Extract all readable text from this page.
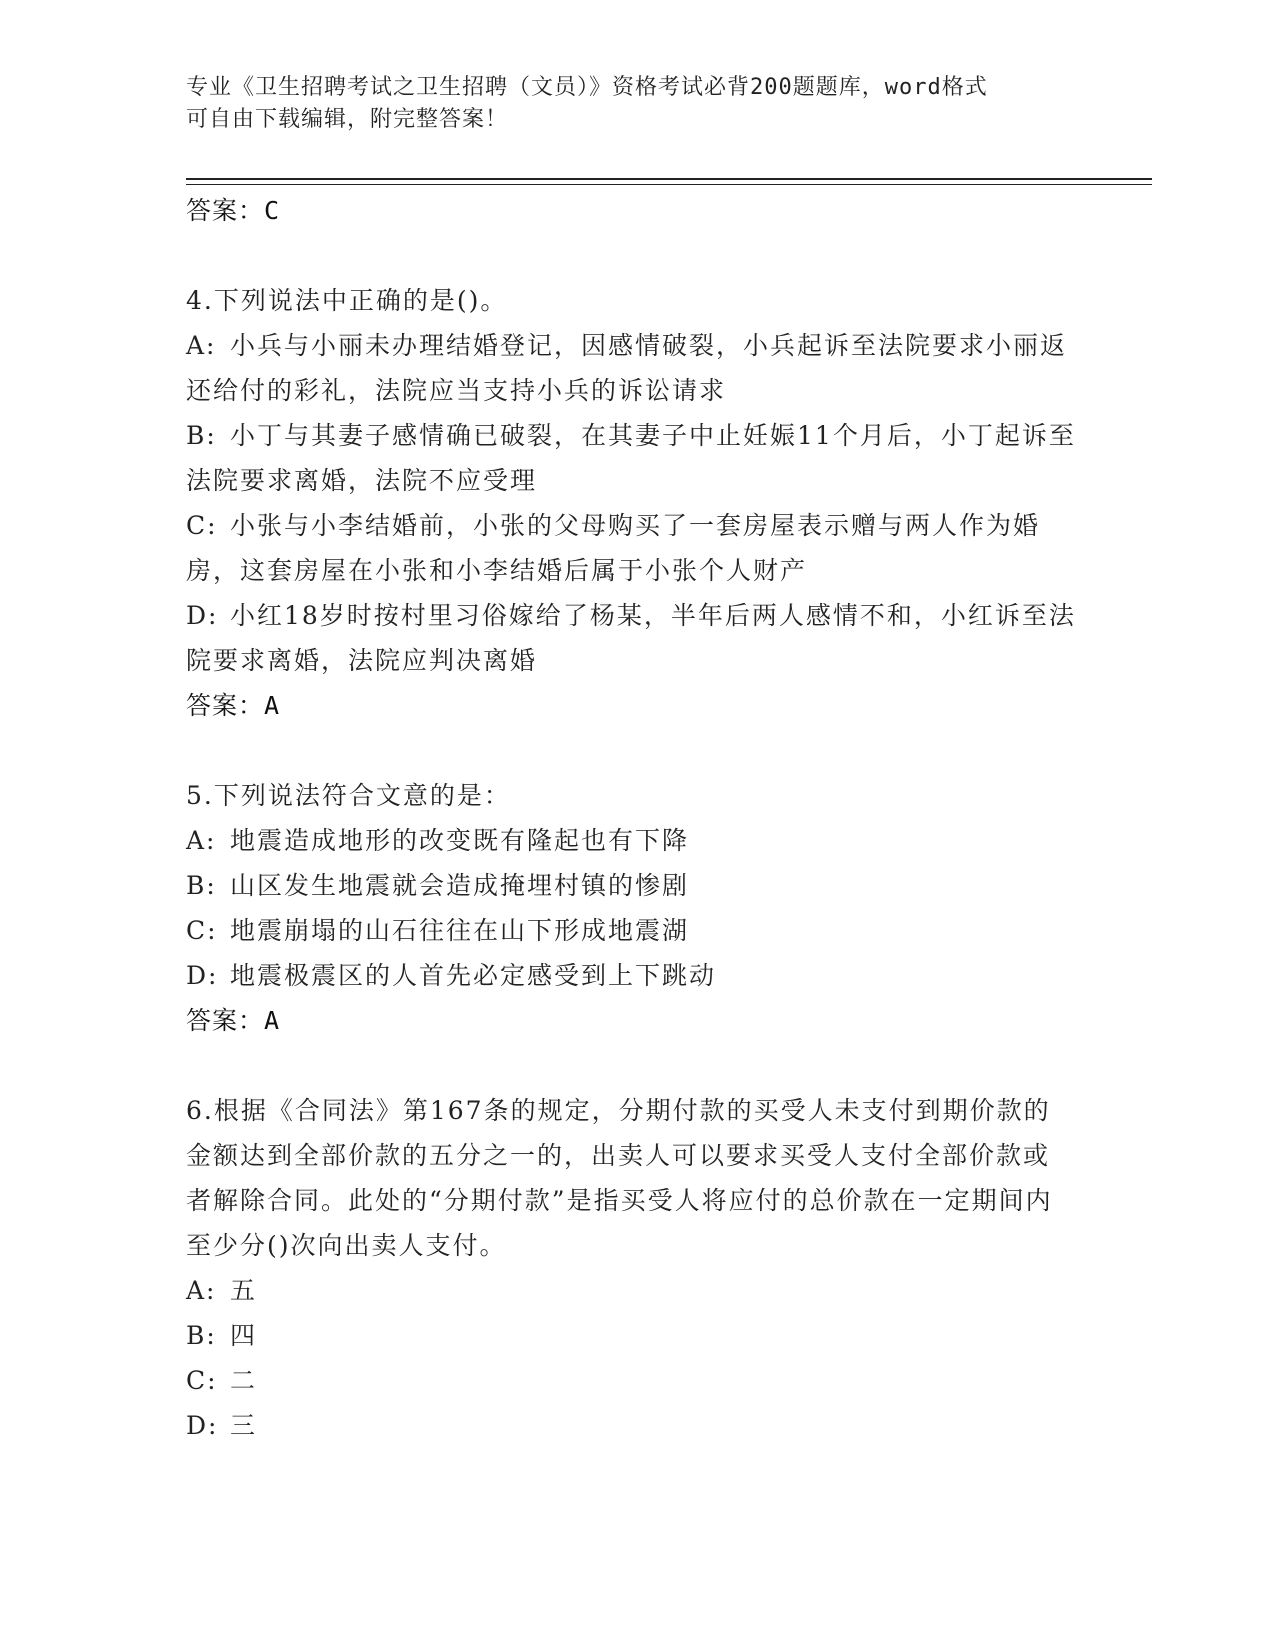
专业《卫生招聘考试之卫生招聘（文员）》资格考试必背200题题库，word格式
可自由下载编辑，附完整答案！
答案：C
4.下列说法中正确的是()。
A: 小兵与小丽未办理结婚登记，因感情破裂，小兵起诉至法院要求小丽返还给付的彩礼，法院应当支持小兵的诉讼请求
B: 小丁与其妻子感情确已破裂，在其妻子中止妊娠11个月后，小丁起诉至法院要求离婚，法院不应受理
C: 小张与小李结婚前，小张的父母购买了一套房屋表示赠与两人作为婚房，这套房屋在小张和小李结婚后属于小张个人财产
D: 小红18岁时按村里习俗嫁给了杨某，半年后两人感情不和，小红诉至法院要求离婚，法院应判决离婚
答案：A
5.下列说法符合文意的是：
A: 地震造成地形的改变既有隆起也有下降
B: 山区发生地震就会造成掩埋村镇的惨剧
C: 地震崩塌的山石往往在山下形成地震湖
D: 地震极震区的人首先必定感受到上下跳动
答案：A
6.根据《合同法》第167条的规定，分期付款的买受人未支付到期价款的金额达到全部价款的五分之一的，出卖人可以要求买受人支付全部价款或者解除合同。此处的“分期付款”是指买受人将应付的总价款在一定期间内至少分()次向出卖人支付。
A: 五
B: 四
C: 二
D: 三
